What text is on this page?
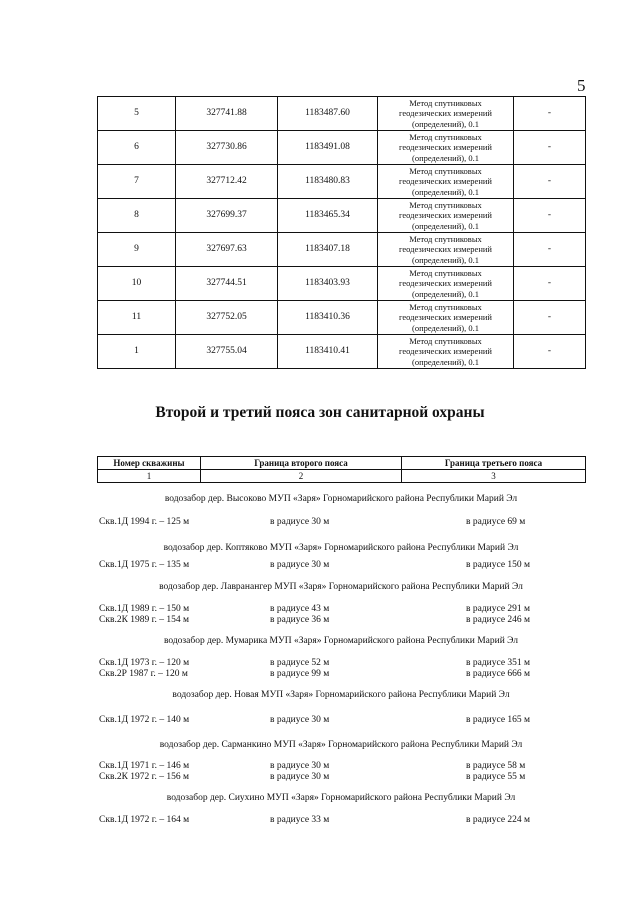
5
5	327741.88	1183487.60	Метод спутниковых
геодезических измерений
(определений), 0.1	-
6	327730.86	1183491.08	Метод спутниковых
геодезических измерений
(определений), 0.1	-
7	327712.42	1183480.83	Метод спутниковых
геодезических измерений
(определений), 0.1	-
8	327699.37	1183465.34	Метод спутниковых
геодезических измерений
(определений), 0.1	-
9	327697.63	1183407.18	Метод спутниковых
геодезических измерений
(определений), 0.1	-
10	327744.51	1183403.93	Метод спутниковых
геодезических измерений
(определений), 0.1	-
11	327752.05	1183410.36	Метод спутниковых
геодезических измерений
(определений), 0.1	-
1	327755.04	1183410.41	Метод спутниковых
геодезических измерений
(определений), 0.1	-
Второй и третий пояса зон санитарной охраны
Номер скважины	Граница второго пояса	Граница третьего пояса
1	2	3
водозабор дер. Высоково МУП «Заря» Горномарийского района Республики Марий Эл
Скв.1Д 1994 г. – 125 м	в радиусе 30 м	в радиусе 69 м
водозабор дер. Коптяково МУП «Заря» Горномарийского района Республики Марий Эл
Скв.1Д 1975 г. – 135 м	в радиусе 30 м	в радиусе 150 м
водозабор дер. Лавранангер МУП «Заря» Горномарийского района Республики Марий Эл
Скв.1Д 1989 г. – 150 м	в радиусе 43 м	в радиусе 291 м
Скв.2К 1989 г. – 154 м	в радиусе 36 м	в радиусе 246 м
водозабор дер. Мумарика МУП «Заря» Горномарийского района Республики Марий Эл
Скв.1Д 1973 г. – 120 м	в радиусе 52 м	в радиусе 351 м
Скв.2Р 1987 г. – 120 м	в радиусе 99 м	в радиусе 666 м
водозабор дер. Новая МУП «Заря» Горномарийского района Республики Марий Эл
Скв.1Д 1972 г. – 140 м	в радиусе 30 м	в радиусе 165 м
водозабор дер. Сарманкино МУП «Заря» Горномарийского района Республики Марий Эл
Скв.1Д 1971 г. – 146 м	в радиусе 30 м	в радиусе 58 м
Скв.2К 1972 г. – 156 м	в радиусе 30 м	в радиусе 55 м
водозабор дер. Сиухино МУП «Заря» Горномарийского района Республики Марий Эл
Скв.1Д 1972 г. – 164 м	в радиусе 33 м	в радиусе 224 м
